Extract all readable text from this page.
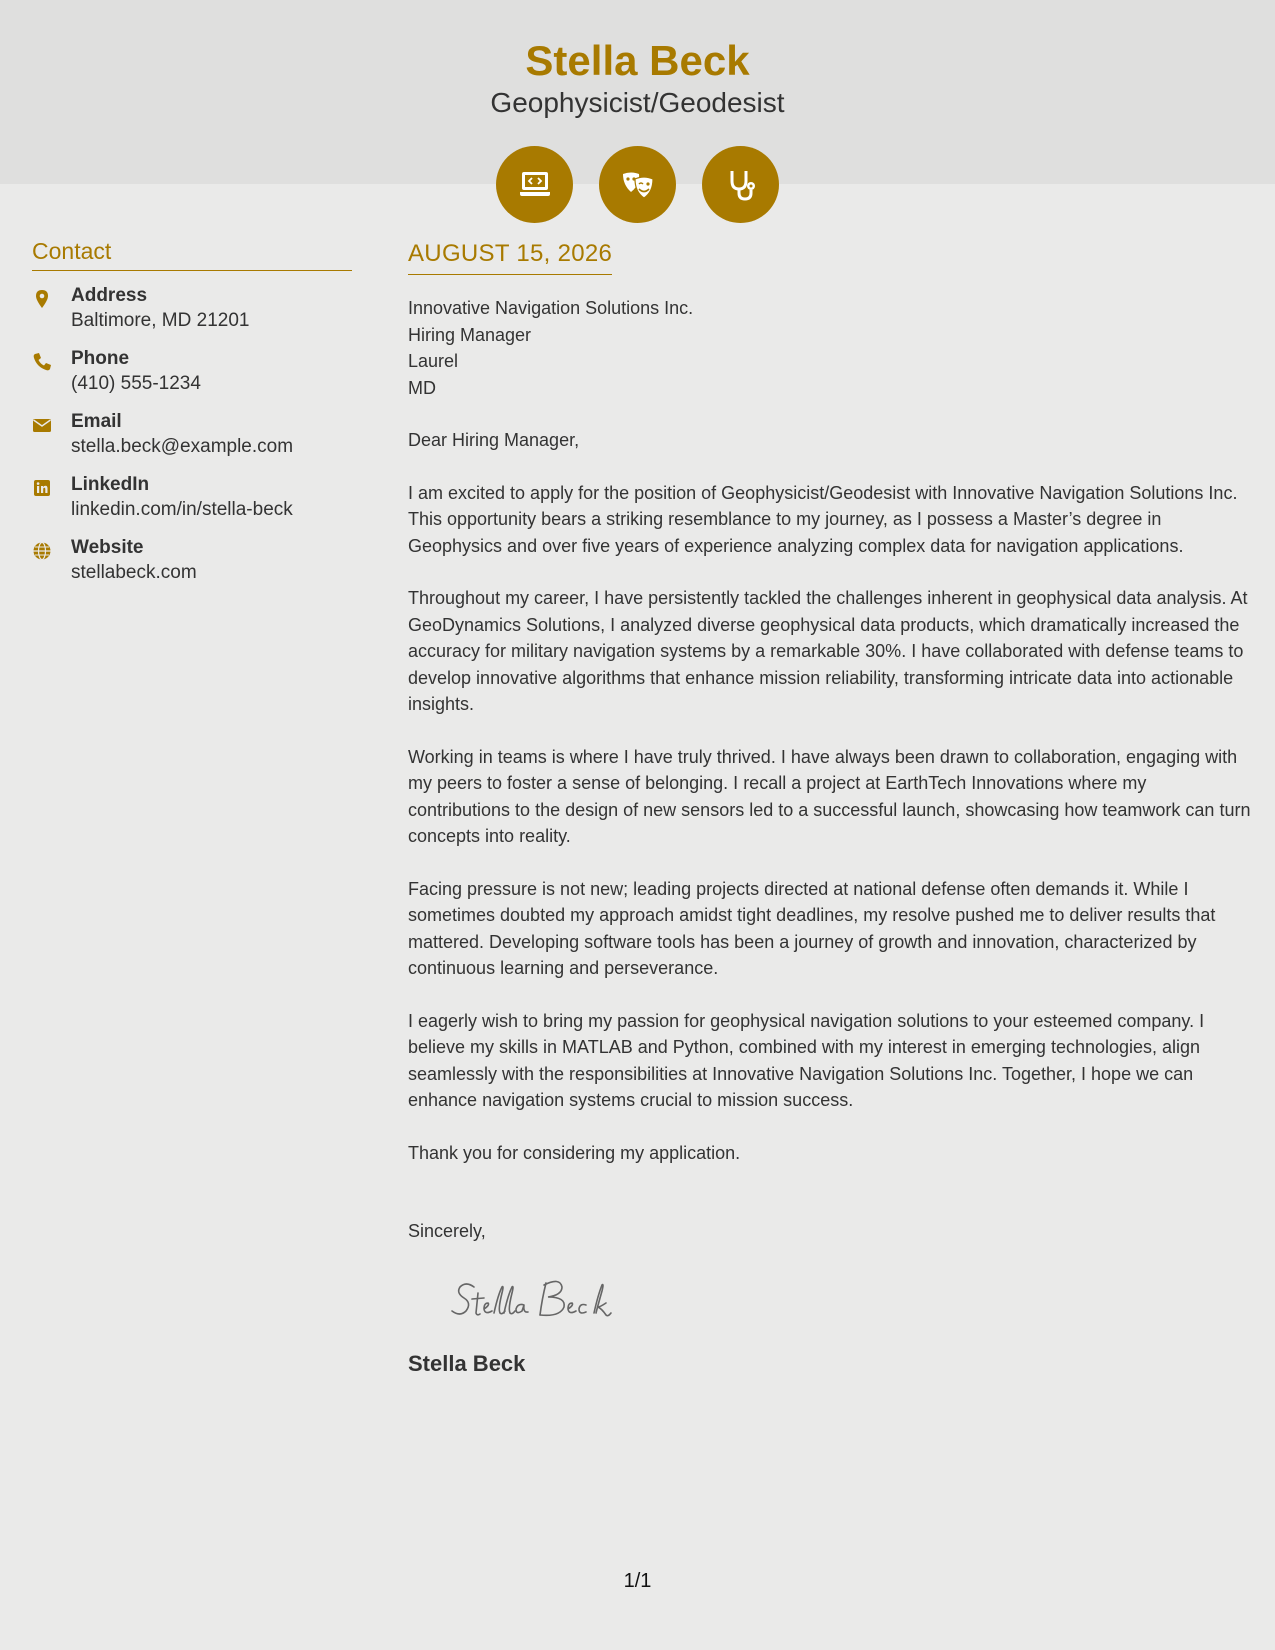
Stella Beck
Geophysicist/Geodesist
Contact
Address
Baltimore, MD 21201
Phone
(410) 555-1234
Email
stella.beck@example.com
LinkedIn
linkedin.com/in/stella-beck
Website
stellabeck.com
AUGUST 15, 2026
Innovative Navigation Solutions Inc.
Hiring Manager
Laurel
MD
Dear Hiring Manager,
I am excited to apply for the position of Geophysicist/Geodesist with Innovative Navigation Solutions Inc. This opportunity bears a striking resemblance to my journey, as I possess a Master’s degree in Geophysics and over five years of experience analyzing complex data for navigation applications.
Throughout my career, I have persistently tackled the challenges inherent in geophysical data analysis. At GeoDynamics Solutions, I analyzed diverse geophysical data products, which dramatically increased the accuracy for military navigation systems by a remarkable 30%. I have collaborated with defense teams to develop innovative algorithms that enhance mission reliability, transforming intricate data into actionable insights.
Working in teams is where I have truly thrived. I have always been drawn to collaboration, engaging with my peers to foster a sense of belonging. I recall a project at EarthTech Innovations where my contributions to the design of new sensors led to a successful launch, showcasing how teamwork can turn concepts into reality.
Facing pressure is not new; leading projects directed at national defense often demands it. While I sometimes doubted my approach amidst tight deadlines, my resolve pushed me to deliver results that mattered. Developing software tools has been a journey of growth and innovation, characterized by continuous learning and perseverance.
I eagerly wish to bring my passion for geophysical navigation solutions to your esteemed company. I believe my skills in MATLAB and Python, combined with my interest in emerging technologies, align seamlessly with the responsibilities at Innovative Navigation Solutions Inc. Together, I hope we can enhance navigation systems crucial to mission success.
Thank you for considering my application.
Sincerely,
Stella Beck
1/1
